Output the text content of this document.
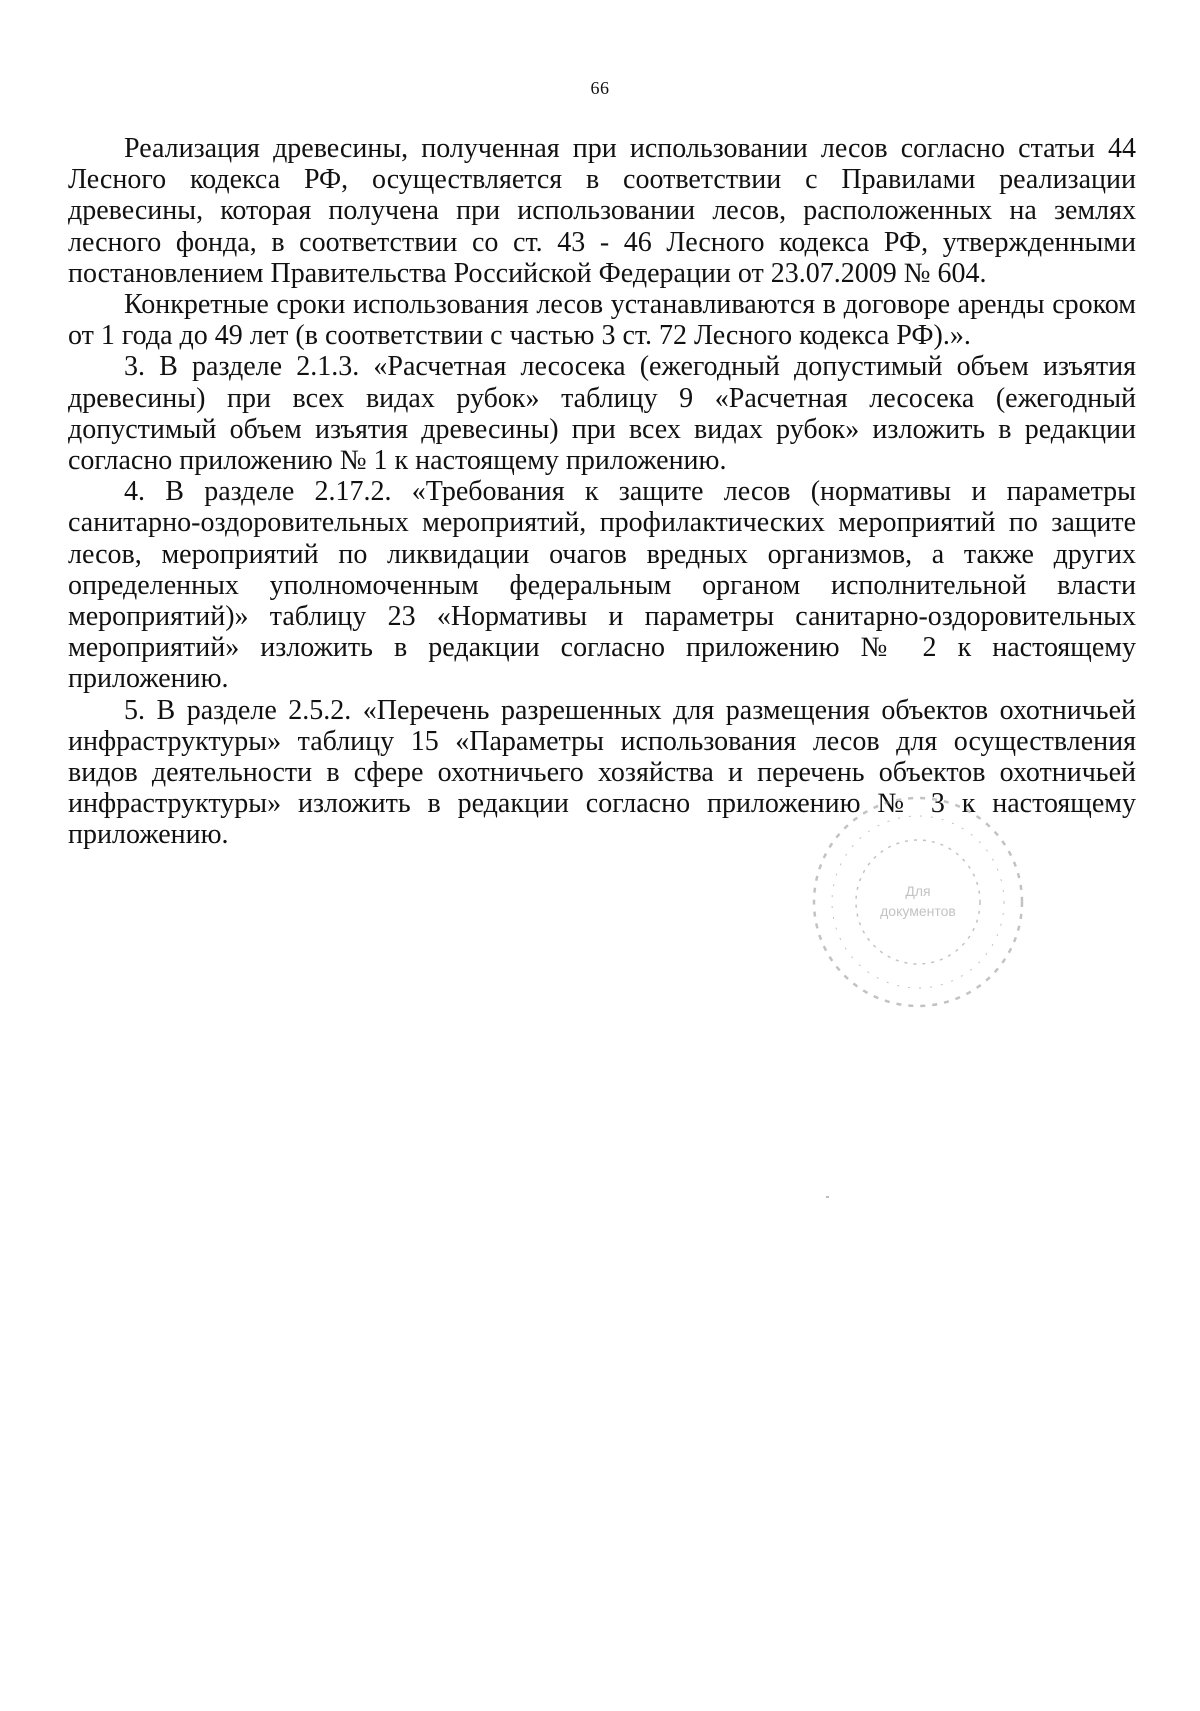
66

Реализация древесины, полученная при использовании лесов согласно статьи 44 Лесного кодекса РФ, осуществляется в соответствии с Правилами реализации древесины, которая получена при использовании лесов, расположенных на землях лесного фонда, в соответствии со ст. 43 - 46 Лесного кодекса РФ, утвержденными постановлением Правительства Российской Федерации от 23.07.2009 № 604.

Конкретные сроки использования лесов устанавливаются в договоре аренды сроком от 1 года до 49 лет (в соответствии с частью 3 ст. 72 Лесного кодекса РФ).».

3. В разделе 2.1.3. «Расчетная лесосека (ежегодный допустимый объем изъятия древесины) при всех видах рубок» таблицу 9 «Расчетная лесосека (ежегодный допустимый объем изъятия древесины) при всех видах рубок» изложить в редакции согласно приложению № 1 к настоящему приложению.

4. В разделе 2.17.2. «Требования к защите лесов (нормативы и параметры санитарно-оздоровительных мероприятий, профилактических мероприятий по защите лесов, мероприятий по ликвидации очагов вредных организмов, а также других определенных уполномоченным федеральным органом исполнительной власти мероприятий)» таблицу 23 «Нормативы и параметры санитарно-оздоровительных мероприятий» изложить в редакции согласно приложению № 2 к настоящему приложению.

5. В разделе 2.5.2. «Перечень разрешенных для размещения объектов охотничьей инфраструктуры» таблицу 15 «Параметры использования лесов для осуществления видов деятельности в сфере охотничьего хозяйства и перечень объектов охотничьей инфраструктуры» изложить в редакции согласно приложению № 3 к настоящему приложению.

Для
документов
